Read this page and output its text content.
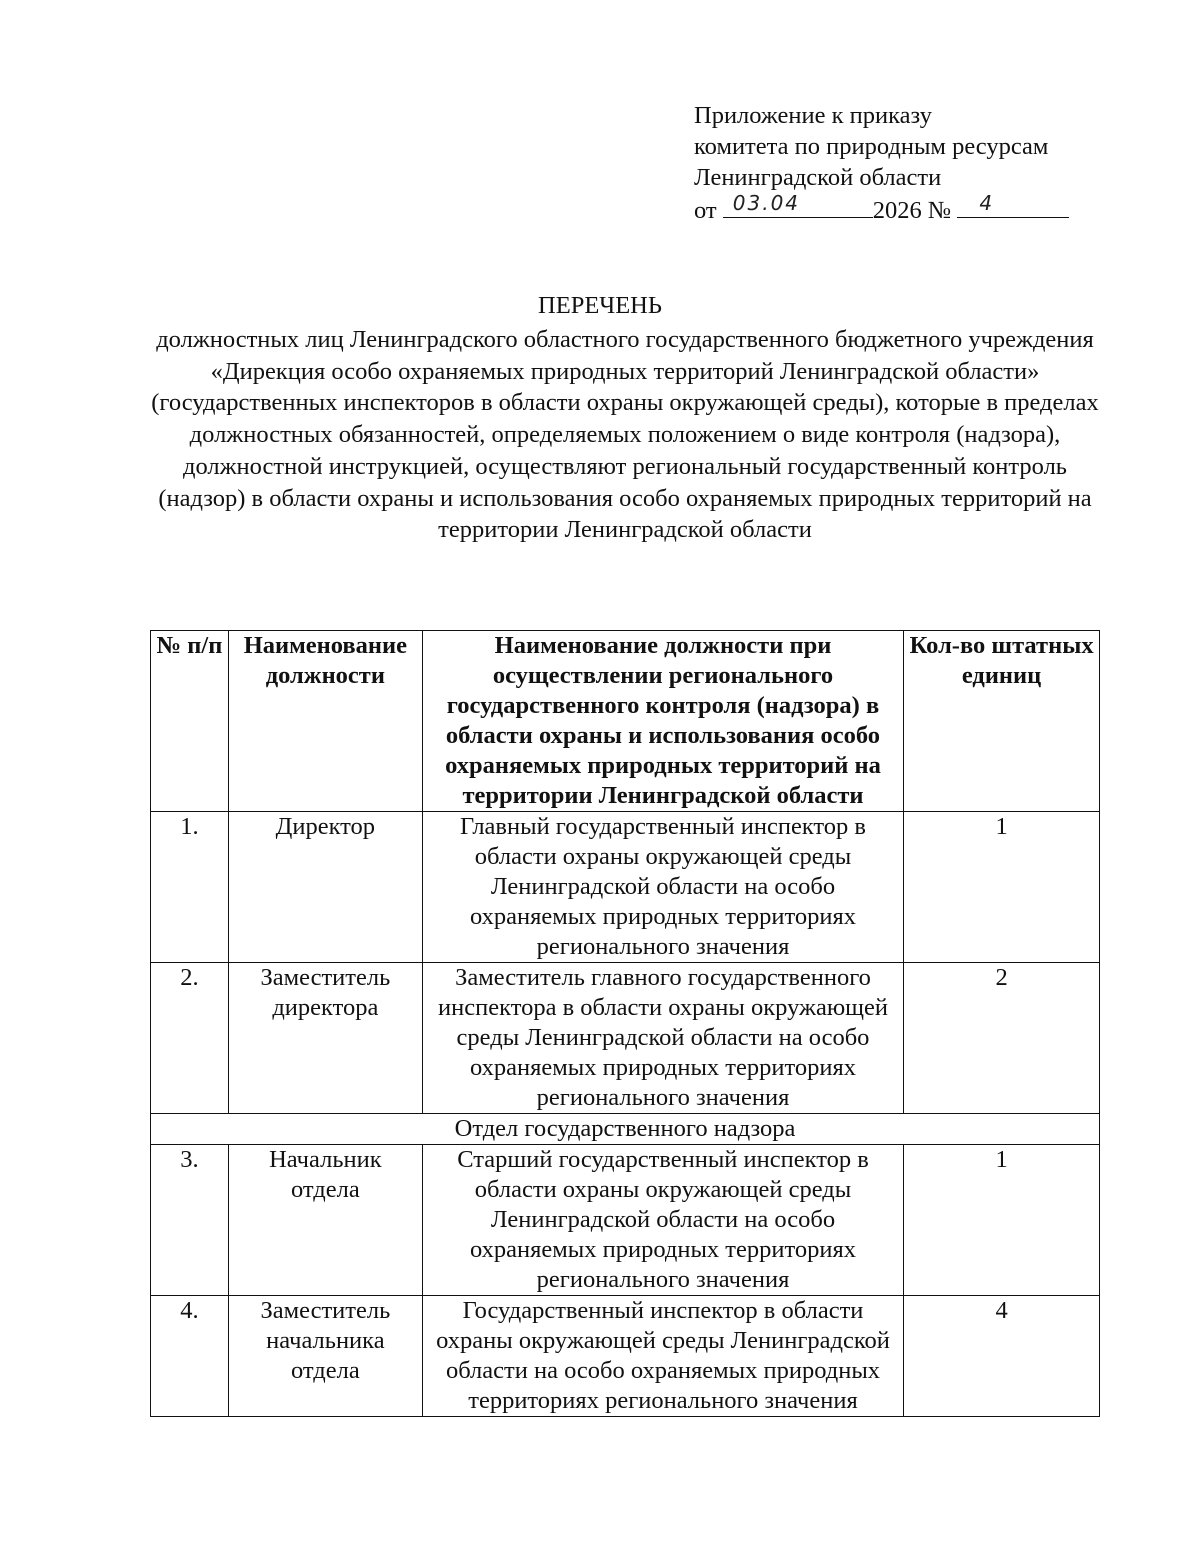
Приложение к приказу
комитета по природным ресурсам
Ленинградской области
от 03.04	2026 № 4
ПЕРЕЧЕНЬ
должностных лиц Ленинградского областного государственного бюджетного учреждения «Дирекция особо охраняемых природных территорий Ленинградской области» (государственных инспекторов в области охраны окружающей среды), которые в пределах должностных обязанностей, определяемых положением о виде контроля (надзора), должностной инструкцией, осуществляют региональный государственный контроль (надзор) в области охраны и использования особо охраняемых природных территорий на территории Ленинградской области
№ п/п	Наименование должности	Наименование должности при осуществлении регионального государственного контроля (надзора) в области охраны и использования особо охраняемых природных территорий на территории Ленинградской области	Кол-во штатных единиц
1.	Директор	Главный государственный инспектор в области охраны окружающей среды Ленинградской области на особо охраняемых природных территориях регионального значения	1
2.	Заместитель директора	Заместитель главного государственного инспектора в области охраны окружающей среды Ленинградской области на особо охраняемых природных территориях регионального значения	2
Отдел государственного надзора			
3.	Начальник отдела	Старший государственный инспектор в области охраны окружающей среды Ленинградской области на особо охраняемых природных территориях регионального значения	1
4.	Заместитель начальника отдела	Государственный инспектор в области охраны окружающей среды Ленинградской области на особо охраняемых природных территориях регионального значения	4
